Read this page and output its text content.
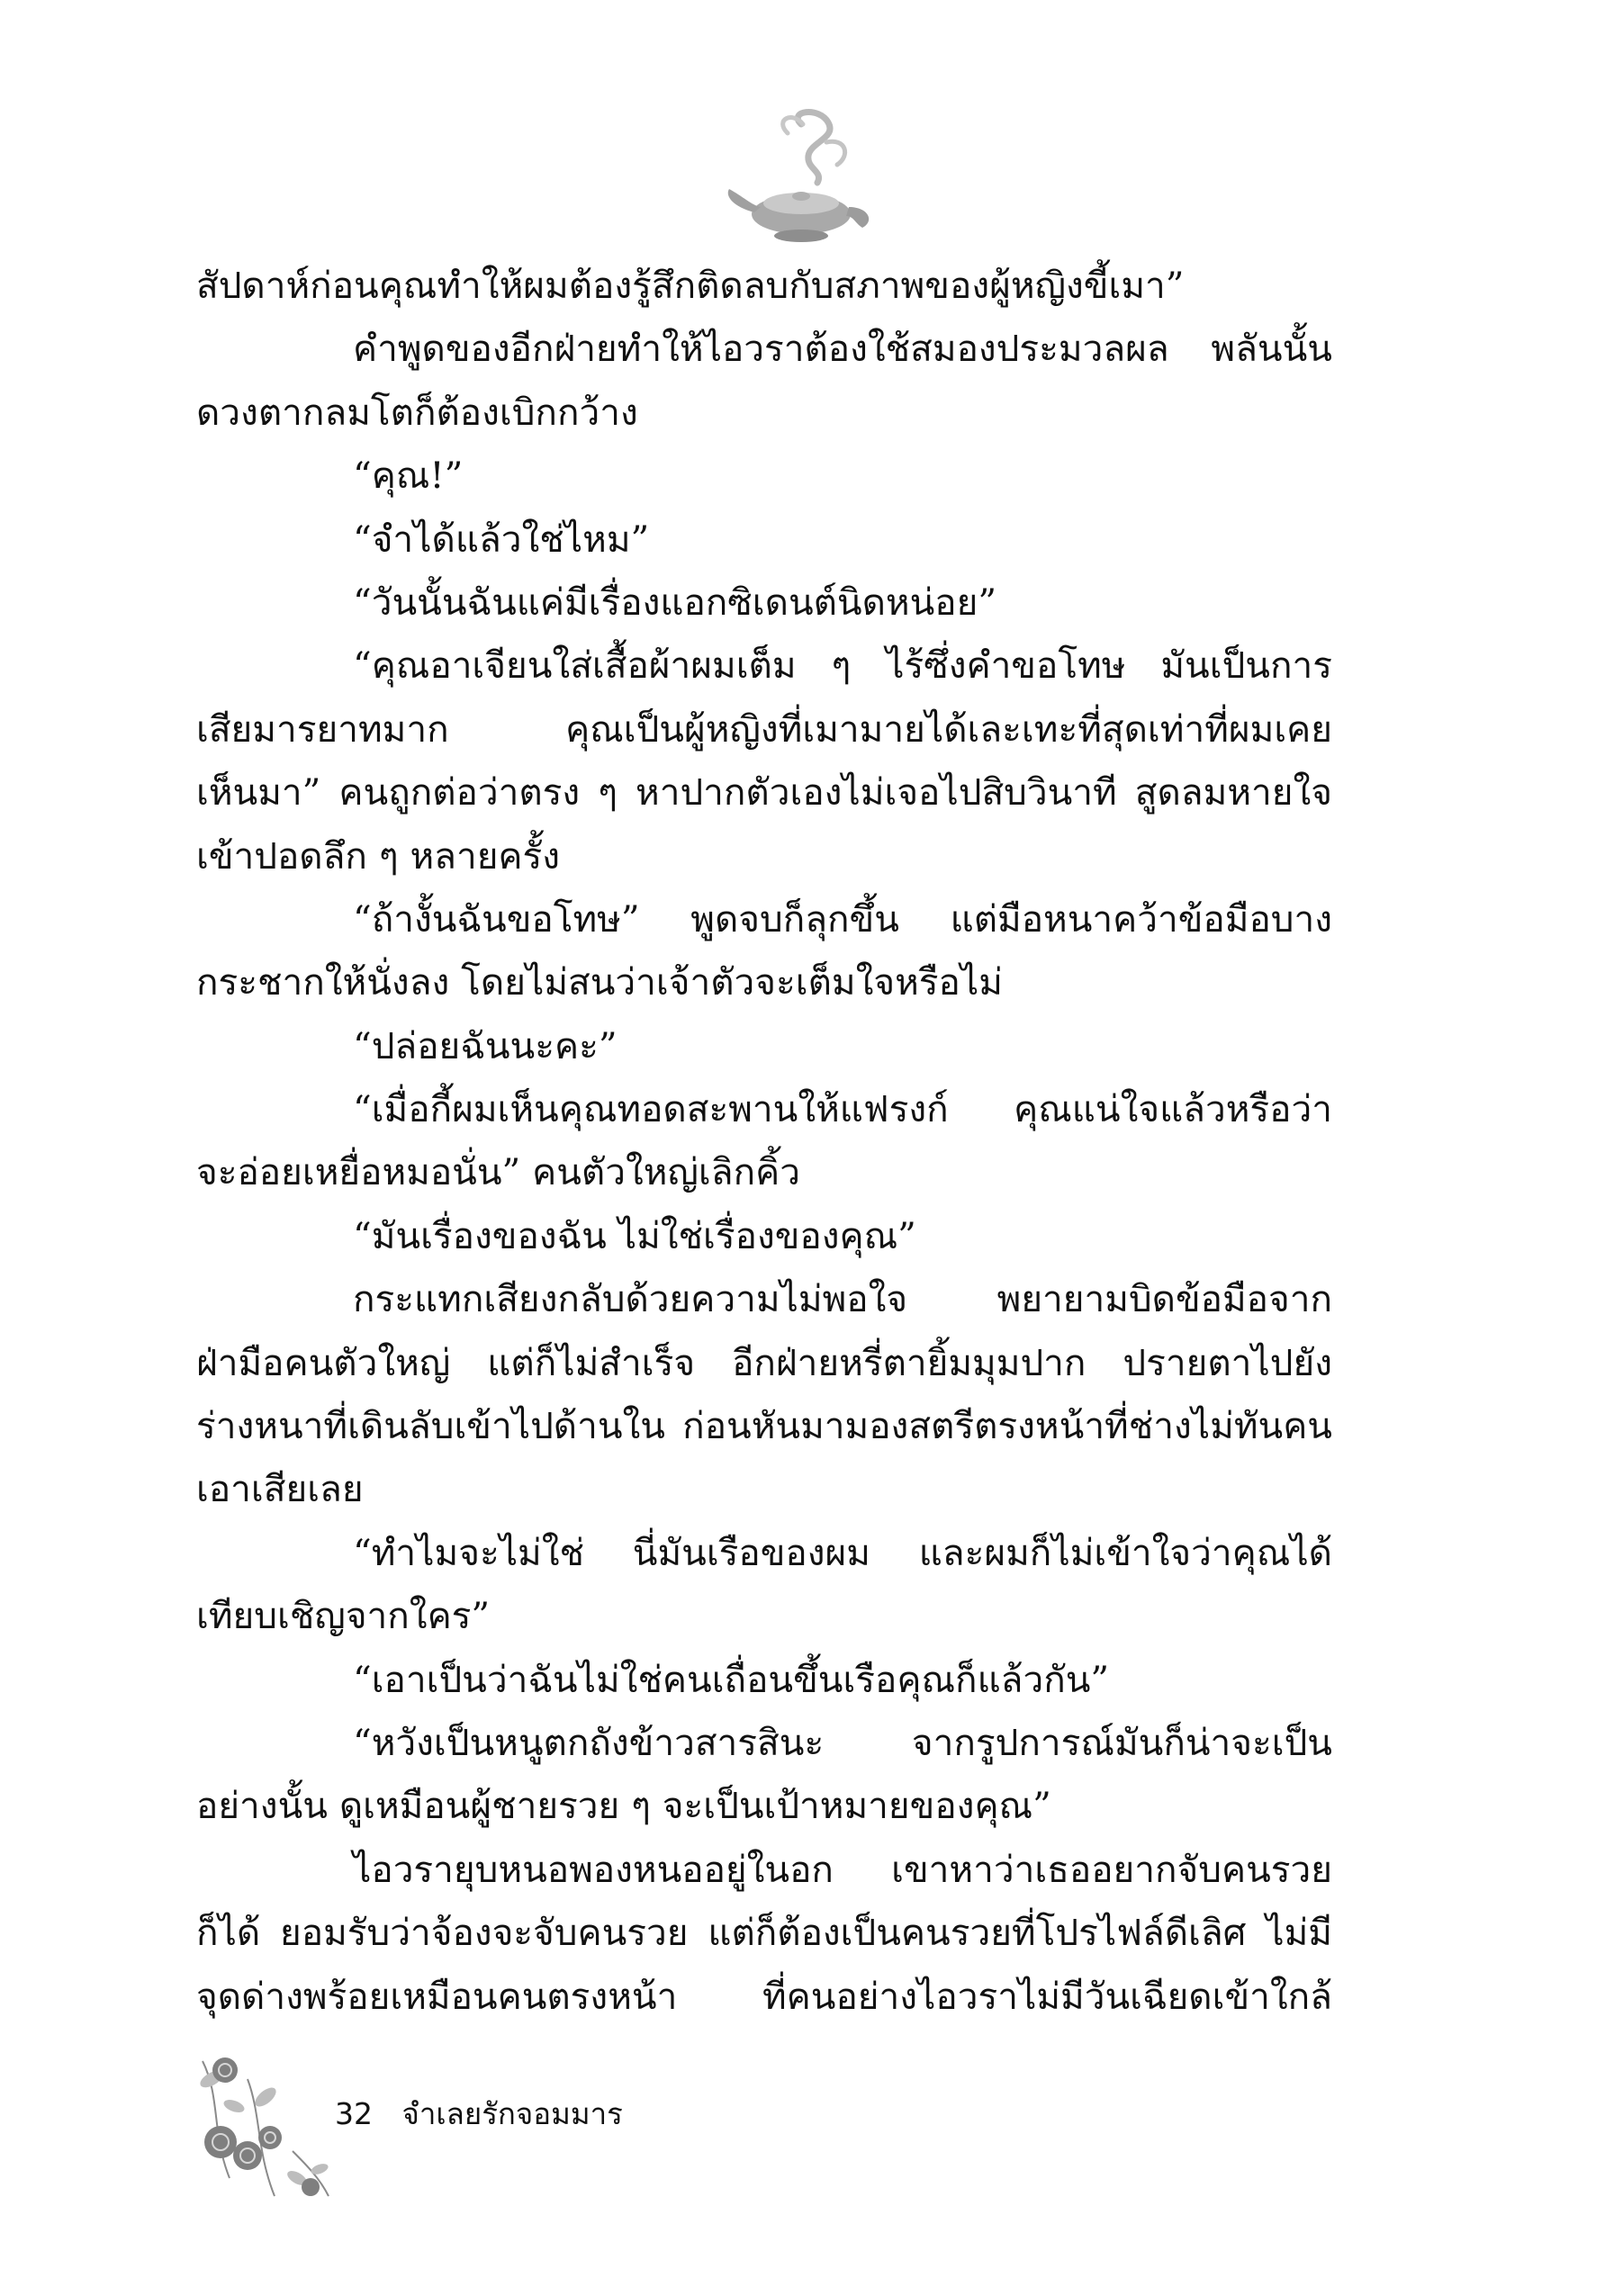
สัปดาห์ก่อนคุณทำให้ผมต้องรู้สึกติดลบกับสภาพของผู้หญิงขี้เมา”
คำพูดของอีกฝ่ายทำให้ไอวราต้องใช้สมองประมวลผล พลันนั้น
ดวงตากลมโตก็ต้องเบิกกว้าง
“คุณ!”
“จำได้แล้วใช่ไหม”
“วันนั้นฉันแค่มีเรื่องแอกซิเดนต์นิดหน่อย”
“คุณอาเจียนใส่เสื้อผ้าผมเต็ม ๆ ไร้ซึ่งคำขอโทษ มันเป็นการ
เสียมารยาทมาก คุณเป็นผู้หญิงที่เมามายได้เละเทะที่สุดเท่าที่ผมเคย
เห็นมา” คนถูกต่อว่าตรง ๆ หาปากตัวเองไม่เจอไปสิบวินาที สูดลมหายใจ
เข้าปอดลึก ๆ หลายครั้ง
“ถ้างั้นฉันขอโทษ” พูดจบก็ลุกขึ้น แต่มือหนาคว้าข้อมือบาง
กระชากให้นั่งลง โดยไม่สนว่าเจ้าตัวจะเต็มใจหรือไม่
“ปล่อยฉันนะคะ”
“เมื่อกี้ผมเห็นคุณทอดสะพานให้แฟรงก์ คุณแน่ใจแล้วหรือว่า
จะอ่อยเหยื่อหมอนั่น” คนตัวใหญ่เลิกคิ้ว
“มันเรื่องของฉัน ไม่ใช่เรื่องของคุณ”
กระแทกเสียงกลับด้วยความไม่พอใจ พยายามบิดข้อมือจาก
ฝ่ามือคนตัวใหญ่ แต่ก็ไม่สำเร็จ อีกฝ่ายหรี่ตายิ้มมุมปาก ปรายตาไปยัง
ร่างหนาที่เดินลับเข้าไปด้านใน ก่อนหันมามองสตรีตรงหน้าที่ช่างไม่ทันคน
เอาเสียเลย
“ทำไมจะไม่ใช่ นี่มันเรือของผม และผมก็ไม่เข้าใจว่าคุณได้
เทียบเชิญจากใคร”
“เอาเป็นว่าฉันไม่ใช่คนเถื่อนขึ้นเรือคุณก็แล้วกัน”
“หวังเป็นหนูตกถังข้าวสารสินะ จากรูปการณ์มันก็น่าจะเป็น
อย่างนั้น ดูเหมือนผู้ชายรวย ๆ จะเป็นเป้าหมายของคุณ”
ไอวรายุบหนอพองหนออยู่ในอก เขาหาว่าเธออยากจับคนรวย
ก็ได้ ยอมรับว่าจ้องจะจับคนรวย แต่ก็ต้องเป็นคนรวยที่โปรไฟล์ดีเลิศ ไม่มี
จุดด่างพร้อยเหมือนคนตรงหน้า ที่คนอย่างไอวราไม่มีวันเฉียดเข้าใกล้
32 จำเลยรักจอมมาร
